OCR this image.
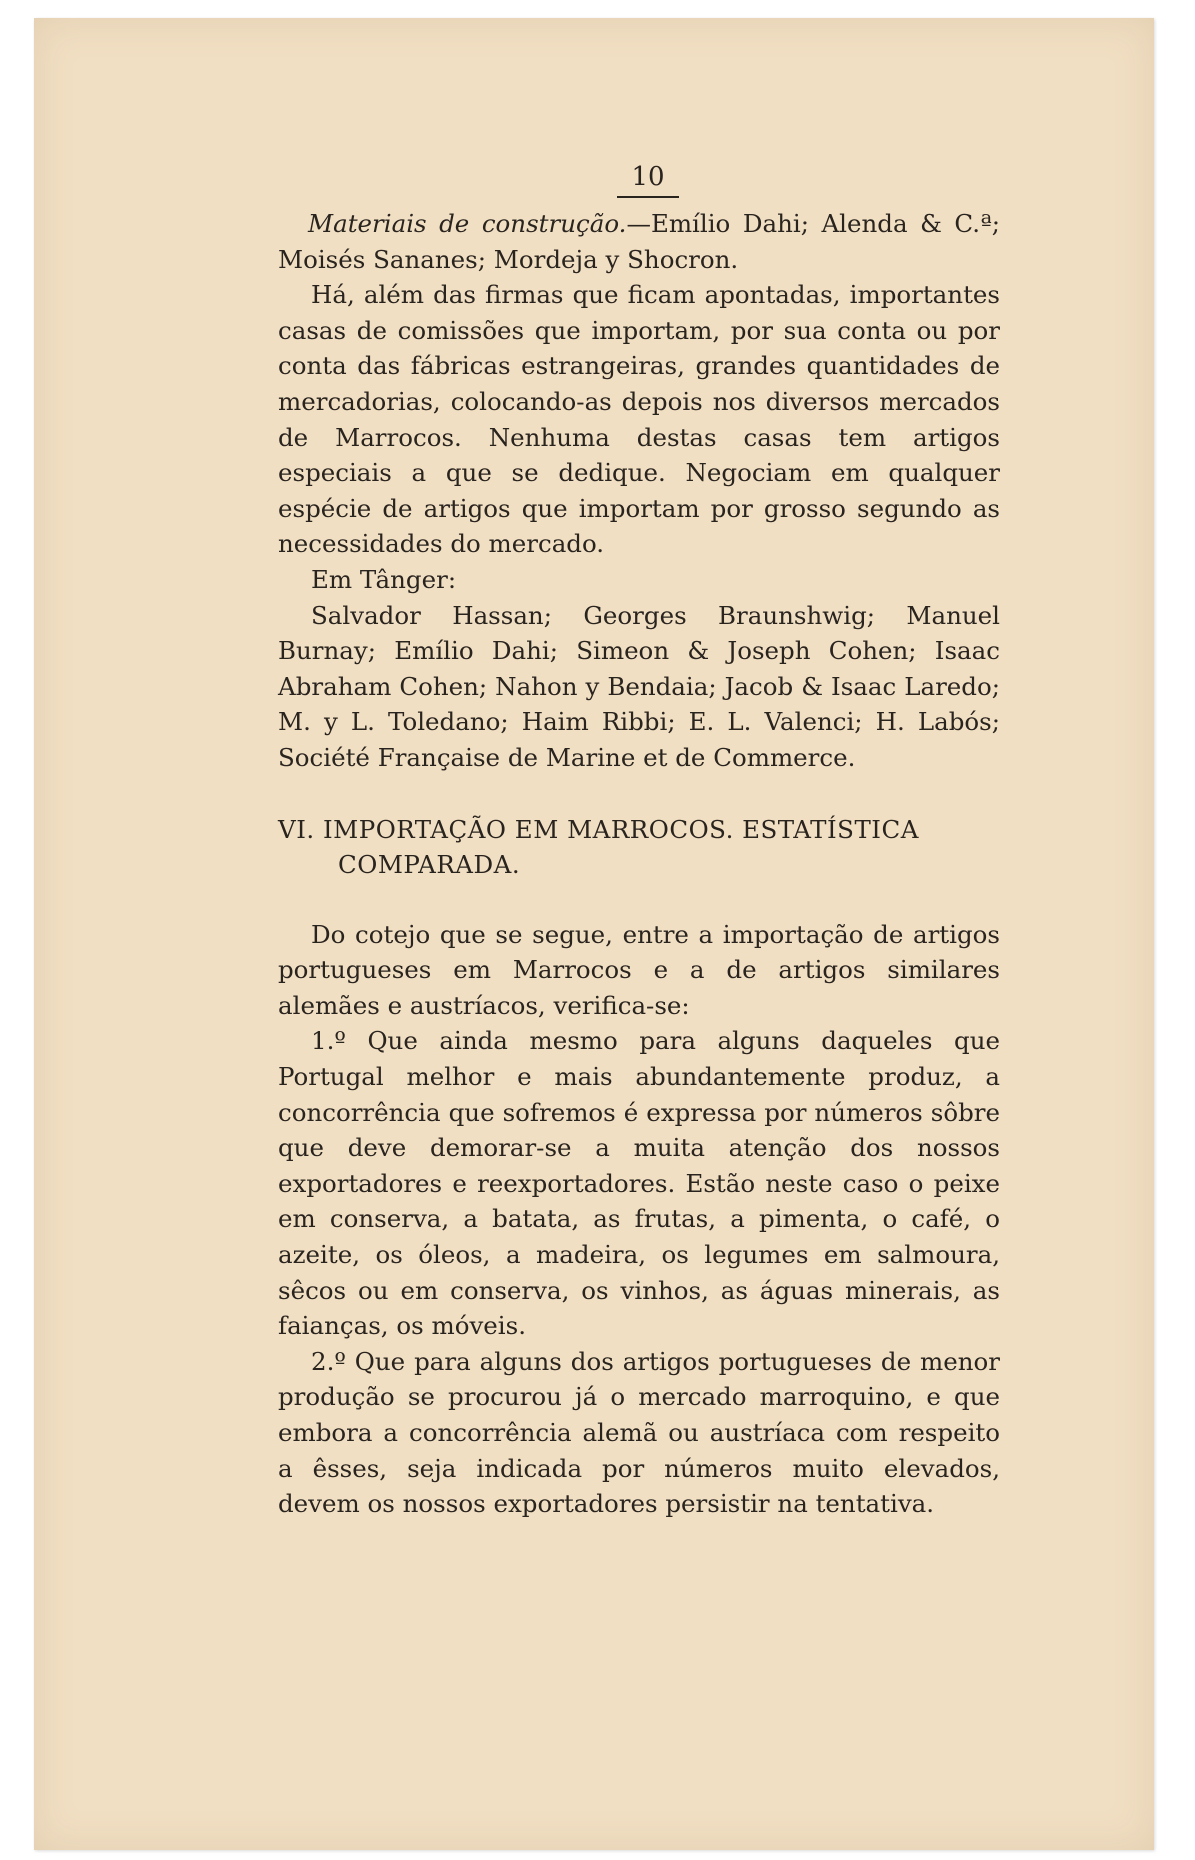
10

Materiais de construção.—Emílio Dahi; Alenda & C.ª; Moisés Sananes; Mordeja y Shocron.

Há, além das firmas que ficam apontadas, importantes casas de comissões que importam, por sua conta ou por conta das fábricas estrangeiras, grandes quantidades de mercadorias, colocando-as depois nos diversos mercados de Marrocos. Nenhuma destas casas tem artigos especiais a que se dedique. Negociam em qualquer espécie de artigos que importam por grosso segundo as necessidades do mercado.

Em Tânger:

Salvador Hassan; Georges Braunshwig; Manuel Burnay; Emílio Dahi; Simeon & Joseph Cohen; Isaac Abraham Cohen; Nahon y Bendaia; Jacob & Isaac Laredo; M. y L. Toledano; Haim Ribbi; E. L. Valenci; H. Labós; Société Française de Marine et de Commerce.

VI. IMPORTAÇÃO EM MARROCOS. ESTATÍSTICA COMPARADA.

Do cotejo que se segue, entre a importação de artigos portugueses em Marrocos e a de artigos similares alemães e austríacos, verifica-se:

1.º Que ainda mesmo para alguns daqueles que Portugal melhor e mais abundantemente produz, a concorrência que sofremos é expressa por números sôbre que deve demorar-se a muita atenção dos nossos exportadores e reexportadores. Estão neste caso o peixe em conserva, a batata, as frutas, a pimenta, o café, o azeite, os óleos, a madeira, os legumes em salmoura, sêcos ou em conserva, os vinhos, as águas minerais, as faianças, os móveis.

2.º Que para alguns dos artigos portugueses de menor produção se procurou já o mercado marroquino, e que embora a concorrência alemã ou austríaca com respeito a êsses, seja indicada por números muito elevados, devem os nossos exportadores persistir na tentativa.
